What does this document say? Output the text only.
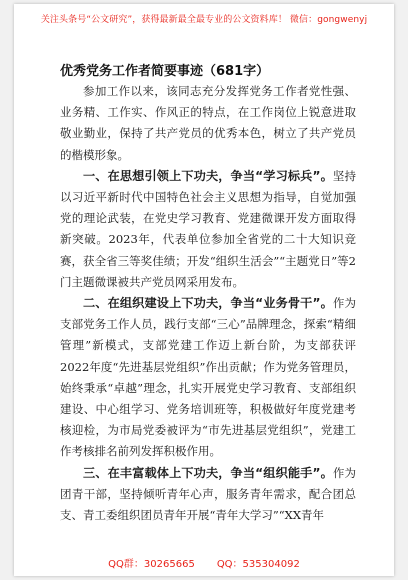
关注头条号“公文研究”，获得最新最全最专业的公文资料库！ 微信：gongwenyj
优秀党务工作者简要事迹（681字）

参加工作以来，该同志充分发挥党务工作者党性强、业务精、工作实、作风正的特点，在工作岗位上锐意进取敬业勤业，保持了共产党员的优秀本色，树立了共产党员的楷模形象。

一、在思想引领上下功夫，争当“学习标兵”。坚持以习近平新时代中国特色社会主义思想为指导，自觉加强党的理论武装，在党史学习教育、党建微课开发方面取得新突破。2023年，代表单位参加全省党的二十大知识竞赛，获全省三等奖佳绩；开发“组织生活会”“主题党日”等2门主题微课被共产党员网采用发布。

二、在组织建设上下功夫，争当“业务骨干”。作为支部党务工作人员，践行支部“三心”品牌理念，探索“精细管理”新模式，支部党建工作迈上新台阶，为支部获评2022年度“先进基层党组织”作出贡献；作为党务管理员，始终秉承“卓越”理念，扎实开展党史学习教育、支部组织建设、中心组学习、党务培训班等，积极做好年度党建考核迎检，为市局党委被评为“市先进基层党组织”，党建工作考核排名前列发挥积极作用。

三、在丰富载体上下功夫，争当“组织能手”。作为团青干部，坚持倾听青年心声，服务青年需求，配合团总支、青工委组织团员青年开展“青年大学习”“XX青年

QQ群：30265665 QQ：535304092
